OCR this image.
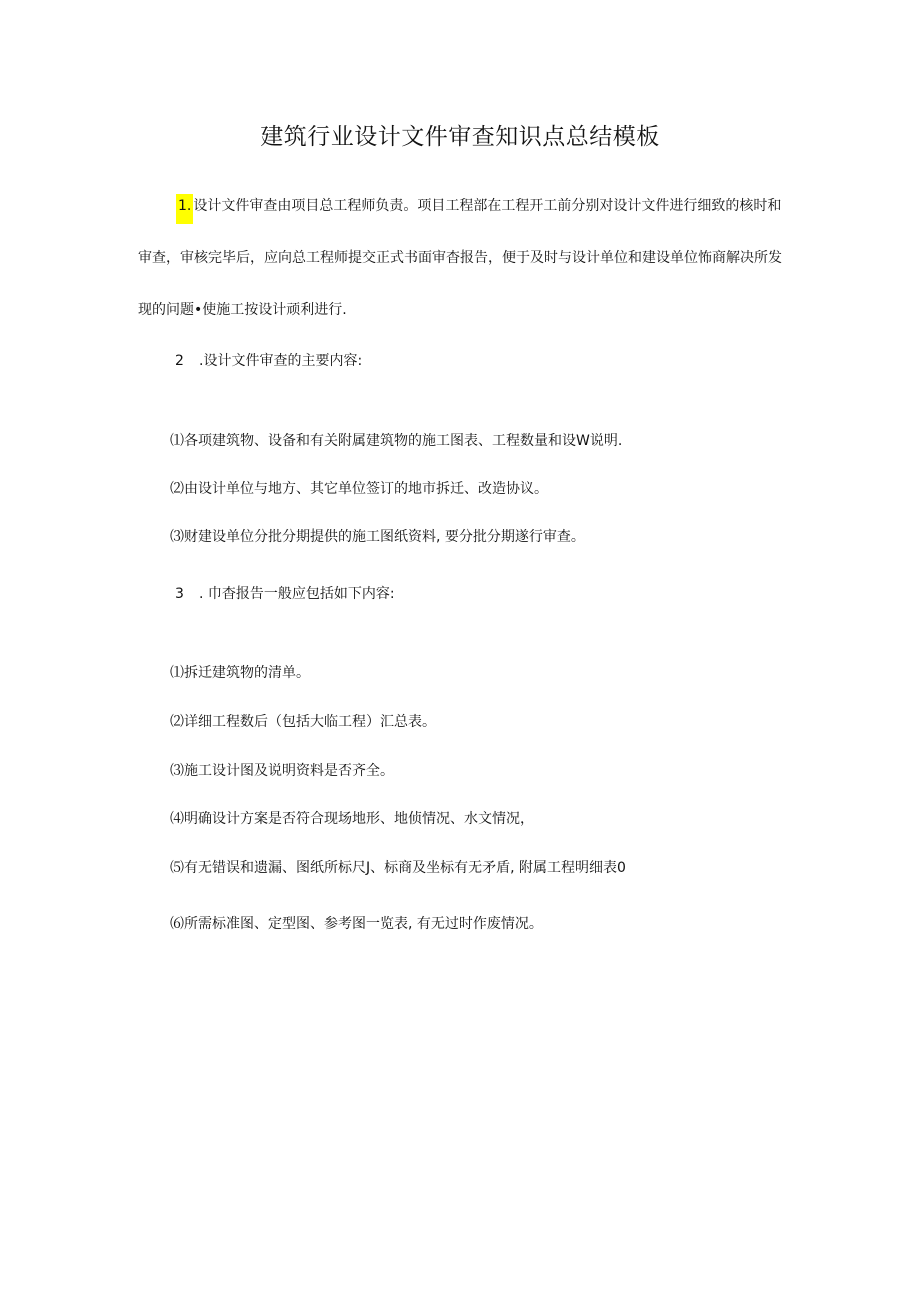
建筑行业设计文件审查知识点总结模板
1. 设计文件审查由项目总工程师负责。项目工程部在工程开工前分别对设计文件进行细致的核时和审查，审核完毕后，应向总工程师提交正式书面审杳报告，便于及时与设计单位和建设单位怖商解决所发现的问题•使施工按设计顽利进行.
2 .设计文件审查的主要内容:
⑴各项建筑物、设备和有关附属建筑物的施工图表、工程数量和设W说明.
⑵由设计单位与地方、其它单位签订的地市拆迁、改造协议。
⑶财建设单位分批分期提供的施工图纸资料, 要分批分期遂行审查。
3 . 巾杳报告一般应包括如下内容:
⑴拆迁建筑物的清单。
⑵详细工程数后（包括大临工程）汇总表。
⑶施工设计图及说明资料是否齐全。
⑷明确设计方案是否符合现场地形、地侦情况、水文情况，
⑸有无错误和遗漏、图纸所标尺J、标商及坐标有无矛盾, 附属工程明细表0
⑹所需标准图、定型图、参考图一览表, 有无过时作废情况。
